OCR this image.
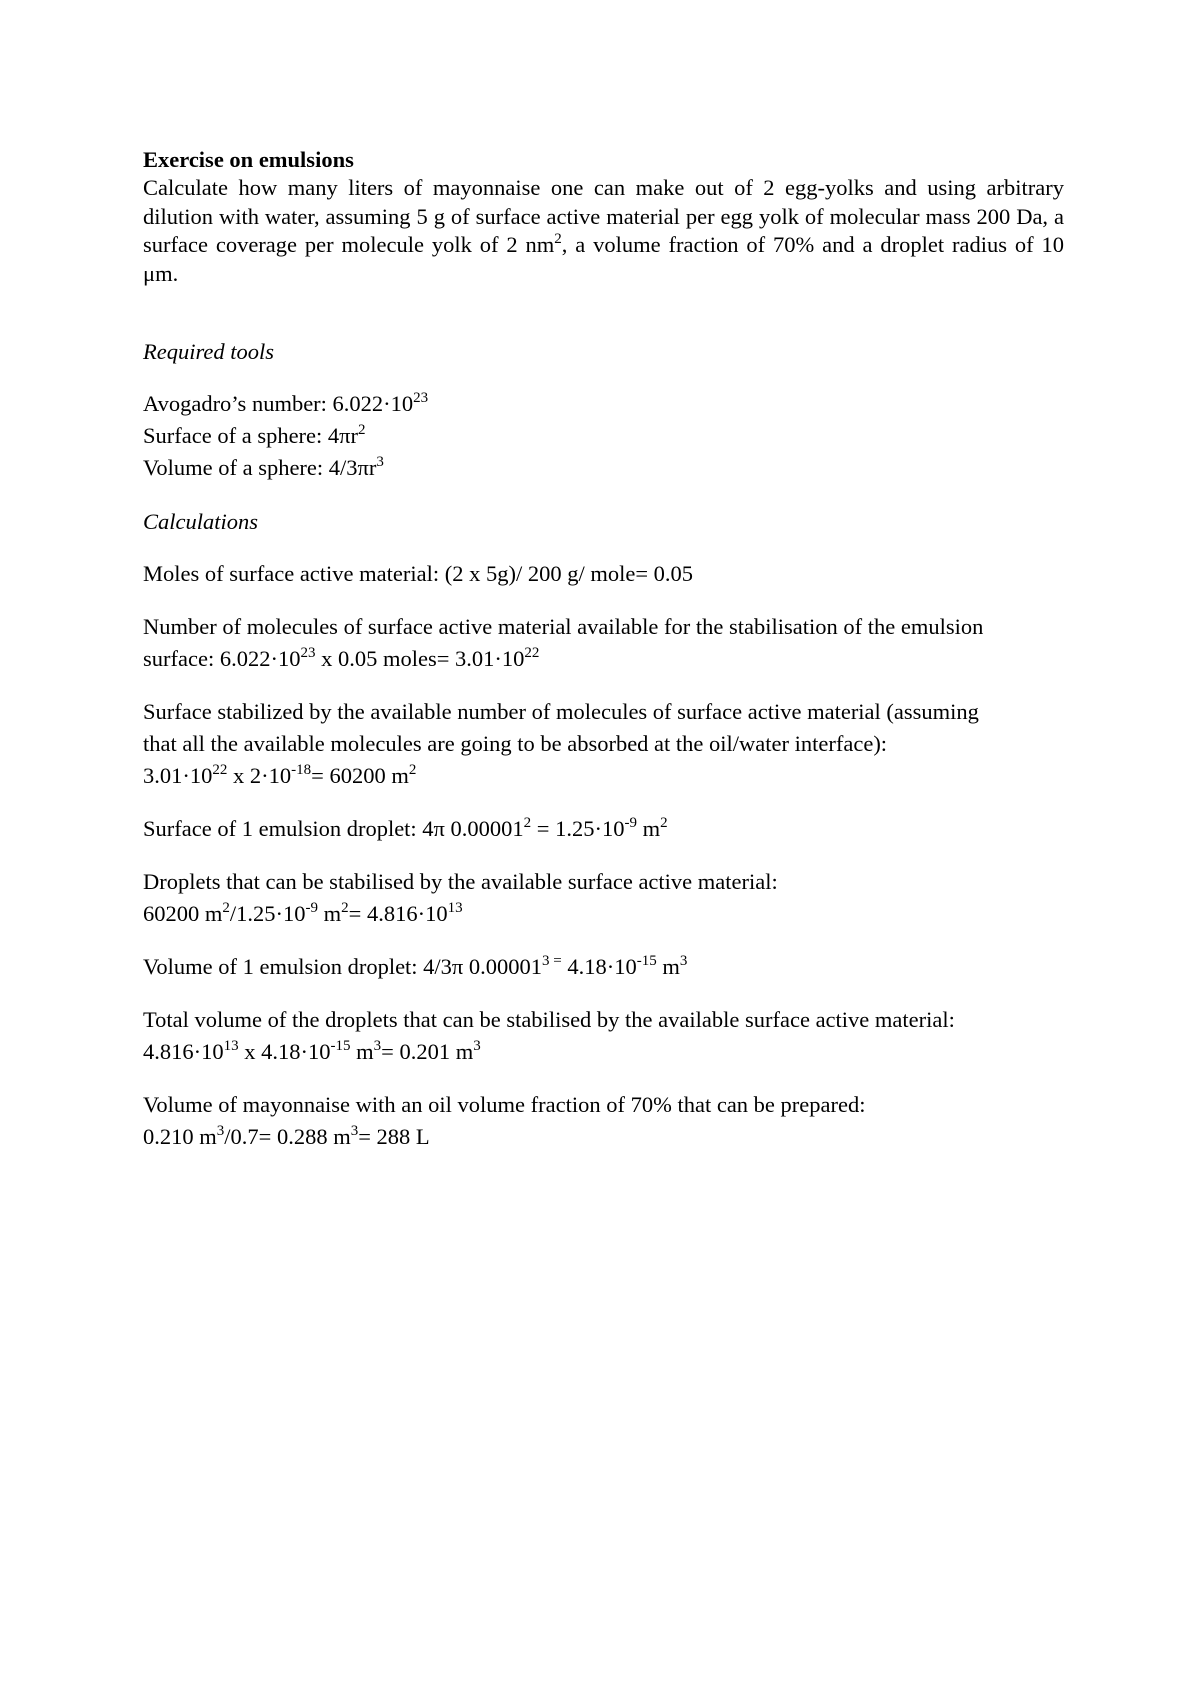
Exercise on emulsions

Calculate how many liters of mayonnaise one can make out of 2 egg-yolks and using arbitrary dilution with water, assuming 5 g of surface active material per egg yolk of molecular mass 200 Da, a surface coverage per molecule yolk of 2 $nm^2$, a volume fraction of 70% and a droplet radius of 10 μm.

Required tools

Avogadro’s number: $6.022\cdot 10^{23}$

Surface of a sphere: $4\pi r^2$

Volume of a sphere: $4/3\pi r^3$

Calculations

Moles of surface active material: (2 x 5g)/ 200 g/ mole= 0.05

Number of molecules of surface active material available for the stabilisation of the emulsion

surface: $6.022\cdot 10^{23}$ x 0.05 moles= $3.01\cdot 10^{22}$

Surface stabilized by the available number of molecules of surface active material (assuming

that all the available molecules are going to be absorbed at the oil/water interface):

$3.01\cdot 10^{22}$ x $2\cdot 10^{-18}= 60200$ $m^2$

Surface of 1 emulsion droplet: 4π $0.00001^2 = 1.25\cdot 10^{-9}$ $m^2$

Droplets that can be stabilised by the available surface active material:

60200 $m^2/1.25\cdot 10^{-9}$ $m^2= 4.816\cdot 10^{13}$

Volume of 1 emulsion droplet: 4/3π $0.00001^{3 =}$ $4.18\cdot 10^{-15}$ $m^3$

Total volume of the droplets that can be stabilised by the available surface active material:

$4.816\cdot 10^{13}$ x $4.18\cdot 10^{-15}$ $m^3= 0.201$ $m^3$

Volume of mayonnaise with an oil volume fraction of 70% that can be prepared:

0.210 $m^3/0.7= 0.288$ $m^3= 288$ L
